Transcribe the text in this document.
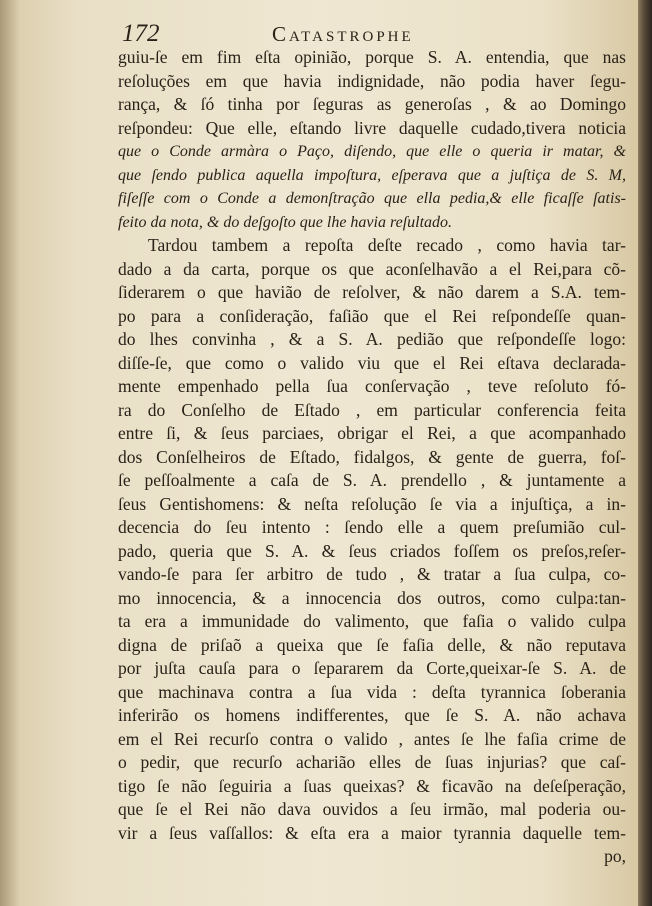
172	Catastrophe
guiu-ſe em fim eſta opinião, porque S. A. entendia, que nas
reſoluções em que havia indignidade, não podia haver ſegu-
rança, & ſó tinha por ſeguras as generoſas , & ao Domingo
reſpondeu: Que elle, eſtando livre daquelle cudado,tivera noticia
que o Conde armàra o Paço, diſendo, que elle o queria ir matar, &
que ſendo publica aquella impoſtura, eſperava que a juſtiça de S. M,
fiſeſſe com o Conde a demonſtração que ella pedia,& elle ficaſſe ſatis-
feito da nota, & do deſgoſto que lhe havia reſultado.
Tardou tambem a repoſta deſte recado , como havia tar-
dado a da carta, porque os que aconſelhavão a el Rei,para cõ-
ſiderarem o que havião de reſolver, & não darem a S.A. tem-
po para a conſideração, faſião que el Rei reſpondeſſe quan-
do lhes convinha , & a S. A. pedião que reſpondeſſe logo:
diſſe-ſe, que como o valido viu que el Rei eſtava declarada-
mente empenhado pella ſua conſervação , teve reſoluto fó-
ra do Conſelho de Eſtado , em particular conferencia feita
entre ſi, & ſeus parciaes, obrigar el Rei, a que acompanhado
dos Conſelheiros de Eſtado, fidalgos, & gente de guerra, foſ-
ſe peſſoalmente a caſa de S. A. prendello , & juntamente a
ſeus Gentishomens: & neſta reſolução ſe via a injuſtiça, a in-
decencia do ſeu intento : ſendo elle a quem preſumião cul-
pado, queria que S. A. & ſeus criados foſſem os preſos,reſer-
vando-ſe para ſer arbitro de tudo , & tratar a ſua culpa, co-
mo innocencia, & a innocencia dos outros, como culpa:tan-
ta era a immunidade do valimento, que faſia o valido culpa
digna de priſaõ a queixa que ſe faſia delle, & não reputava
por juſta cauſa para o ſepararem da Corte,queixar-ſe S. A. de
que machinava contra a ſua vida : deſta tyrannica ſoberania
inferirão os homens indifferentes, que ſe S. A. não achava
em el Rei recurſo contra o valido , antes ſe lhe faſia crime de
o pedir, que recurſo acharião elles de ſuas injurias? que caſ-
tigo ſe não ſeguiria a ſuas queixas? & ficavão na deſeſperação,
que ſe el Rei não dava ouvidos a ſeu irmão, mal poderia ou-
vir a ſeus vaſſallos: & eſta era a maior tyrannia daquelle tem-
po,
